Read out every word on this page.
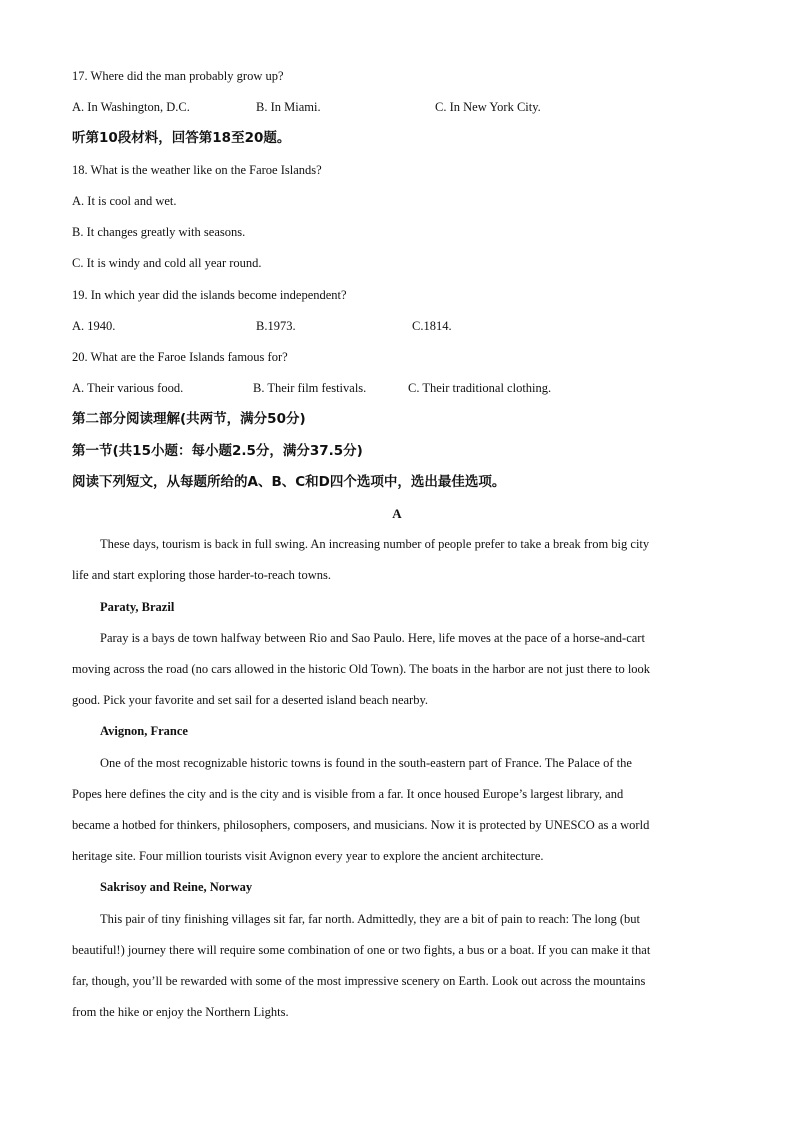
17. Where did the man probably grow up?
A. In Washington, D.C.	B. In Miami.	C. In New York City.
听第10段材料，回答第18至20题。
18. What is the weather like on the Faroe Islands?
A. It is cool and wet.
B. It changes greatly with seasons.
C. It is windy and cold all year round.
19. In which year did the islands become independent?
A. 1940.	B.1973.	C.1814.
20. What are the Faroe Islands famous for?
A. Their various food.	B. Their film festivals.	C. Their traditional clothing.
第二部分阅读理解(共两节，满分50分)
第一节(共15小题：每小题2.5分，满分37.5分)
阅读下列短文，从每题所给的A、B、C和D四个选项中，选出最佳选项。
A
These days, tourism is back in full swing. An increasing number of people prefer to take a break from big city
life and start exploring those harder-to-reach towns.
Paraty, Brazil
Paray is a bays de town halfway between Rio and Sao Paulo. Here, life moves at the pace of a horse-and-cart
moving across the road (no cars allowed in the historic Old Town). The boats in the harbor are not just there to look
good. Pick your favorite and set sail for a deserted island beach nearby.
Avignon, France
One of the most recognizable historic towns is found in the south-eastern part of France. The Palace of the
Popes here defines the city and is the city and is visible from a far. It once housed Europe’s largest library, and
became a hotbed for thinkers, philosophers, composers, and musicians. Now it is protected by UNESCO as a world
heritage site. Four million tourists visit Avignon every year to explore the ancient architecture.
Sakrisoy and Reine, Norway
This pair of tiny finishing villages sit far, far north. Admittedly, they are a bit of pain to reach: The long (but
beautiful!) journey there will require some combination of one or two fights, a bus or a boat. If you can make it that
far, though, you’ll be rewarded with some of the most impressive scenery on Earth. Look out across the mountains
from the hike or enjoy the Northern Lights.
